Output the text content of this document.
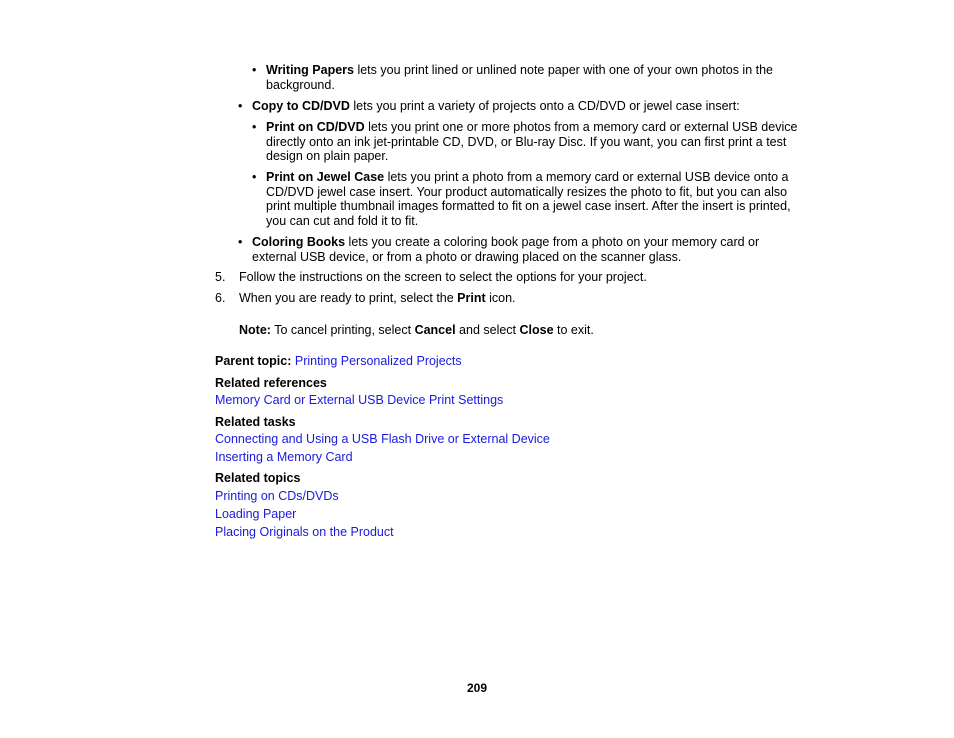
• Writing Papers lets you print lined or unlined note paper with one of your own photos in the
background.
• Copy to CD/DVD lets you print a variety of projects onto a CD/DVD or jewel case insert:
• Print on CD/DVD lets you print one or more photos from a memory card or external USB device
directly onto an ink jet-printable CD, DVD, or Blu-ray Disc. If you want, you can first print a test
design on plain paper.
• Print on Jewel Case lets you print a photo from a memory card or external USB device onto a
CD/DVD jewel case insert. Your product automatically resizes the photo to fit, but you can also
print multiple thumbnail images formatted to fit on a jewel case insert. After the insert is printed,
you can cut and fold it to fit.
• Coloring Books lets you create a coloring book page from a photo on your memory card or
external USB device, or from a photo or drawing placed on the scanner glass.
5.	Follow the instructions on the screen to select the options for your project.
6.	When you are ready to print, select the Print icon.
Note: To cancel printing, select Cancel and select Close to exit.
Parent topic: Printing Personalized Projects
Related references
Memory Card or External USB Device Print Settings
Related tasks
Connecting and Using a USB Flash Drive or External Device
Inserting a Memory Card
Related topics
Printing on CDs/DVDs
Loading Paper
Placing Originals on the Product
209
